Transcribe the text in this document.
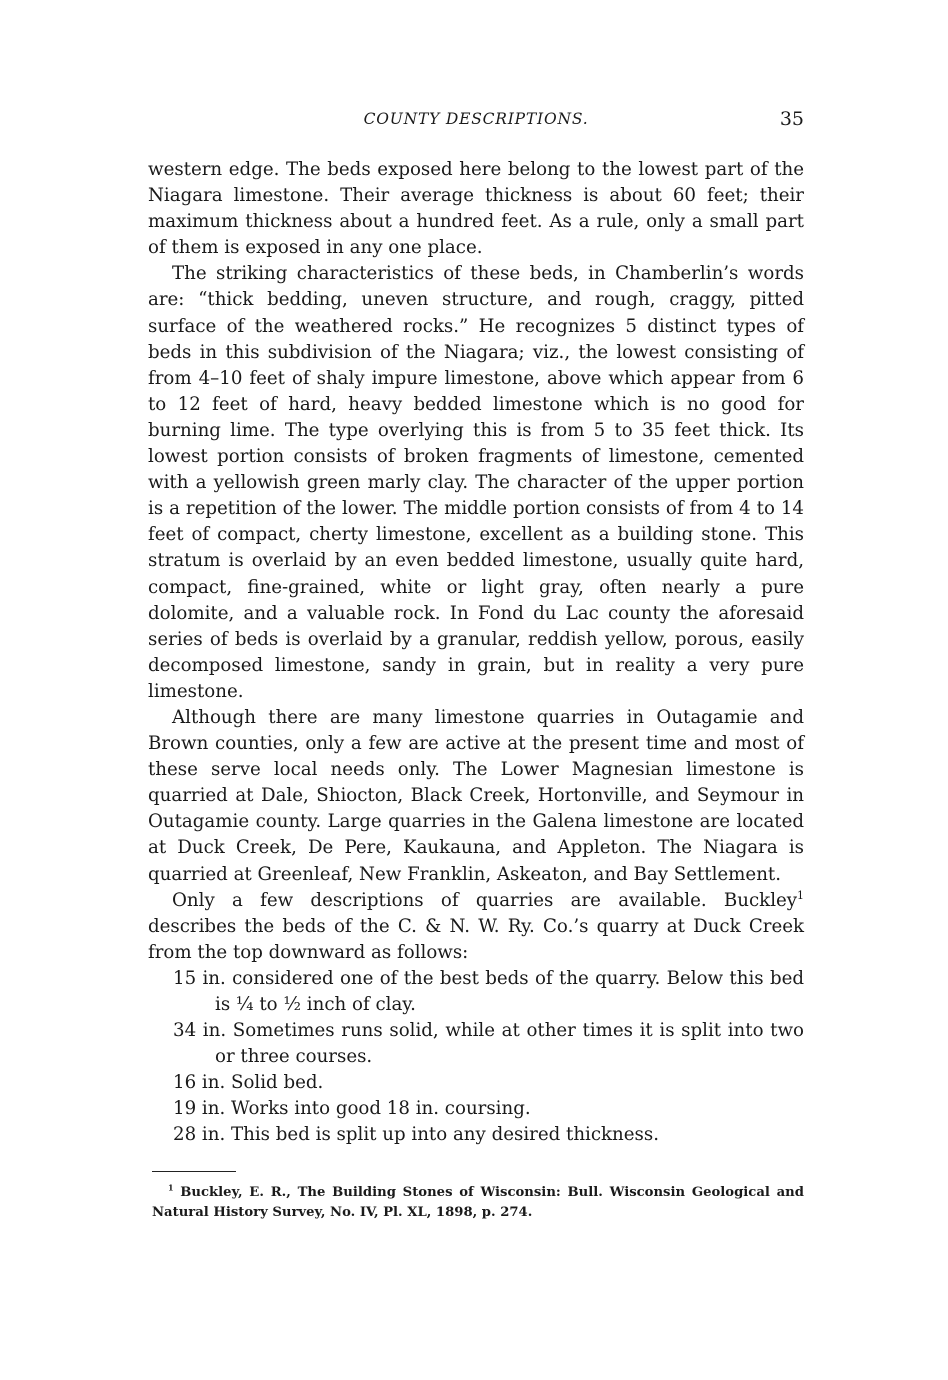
COUNTY DESCRIPTIONS.	35

western edge. The beds exposed here belong to the lowest part of the Niagara limestone. Their average thickness is about 60 feet; their maximum thickness about a hundred feet. As a rule, only a small part of them is exposed in any one place.

The striking characteristics of these beds, in Chamberlin’s words are: “thick bedding, uneven structure, and rough, craggy, pitted surface of the weathered rocks.” He recognizes 5 distinct types of beds in this subdivision of the Niagara; viz., the lowest consisting of from 4–10 feet of shaly impure limestone, above which appear from 6 to 12 feet of hard, heavy bedded limestone which is no good for burning lime. The type overlying this is from 5 to 35 feet thick. Its lowest portion consists of broken fragments of limestone, cemented with a yellowish green marly clay. The character of the upper portion is a repetition of the lower. The middle portion consists of from 4 to 14 feet of compact, cherty limestone, excellent as a building stone. This stratum is overlaid by an even bedded limestone, usually quite hard, compact, fine-grained, white or light gray, often nearly a pure dolomite, and a valuable rock. In Fond du Lac county the aforesaid series of beds is overlaid by a granular, reddish yellow, porous, easily decomposed limestone, sandy in grain, but in reality a very pure limestone.

Although there are many limestone quarries in Outagamie and Brown counties, only a few are active at the present time and most of these serve local needs only. The Lower Magnesian limestone is quarried at Dale, Shiocton, Black Creek, Hortonville, and Seymour in Outagamie county. Large quarries in the Galena limestone are located at Duck Creek, De Pere, Kaukauna, and Appleton. The Niagara is quarried at Greenleaf, New Franklin, Askeaton, and Bay Settlement.

Only a few descriptions of quarries are available. Buckley$^1$ describes the beds of the C. & N. W. Ry. Co.’s quarry at Duck Creek from the top downward as follows:

15 in. considered one of the best beds of the quarry. Below this bed is ¼ to ½ inch of clay.
34 in. Sometimes runs solid, while at other times it is split into two or three courses.
16 in. Solid bed.
19 in. Works into good 18 in. coursing.
28 in. This bed is split up into any desired thickness.
$^1$ Buckley, E. R., The Building Stones of Wisconsin: Bull. Wisconsin Geological and Natural History Survey, No. IV, Pl. XL, 1898, p. 274.
